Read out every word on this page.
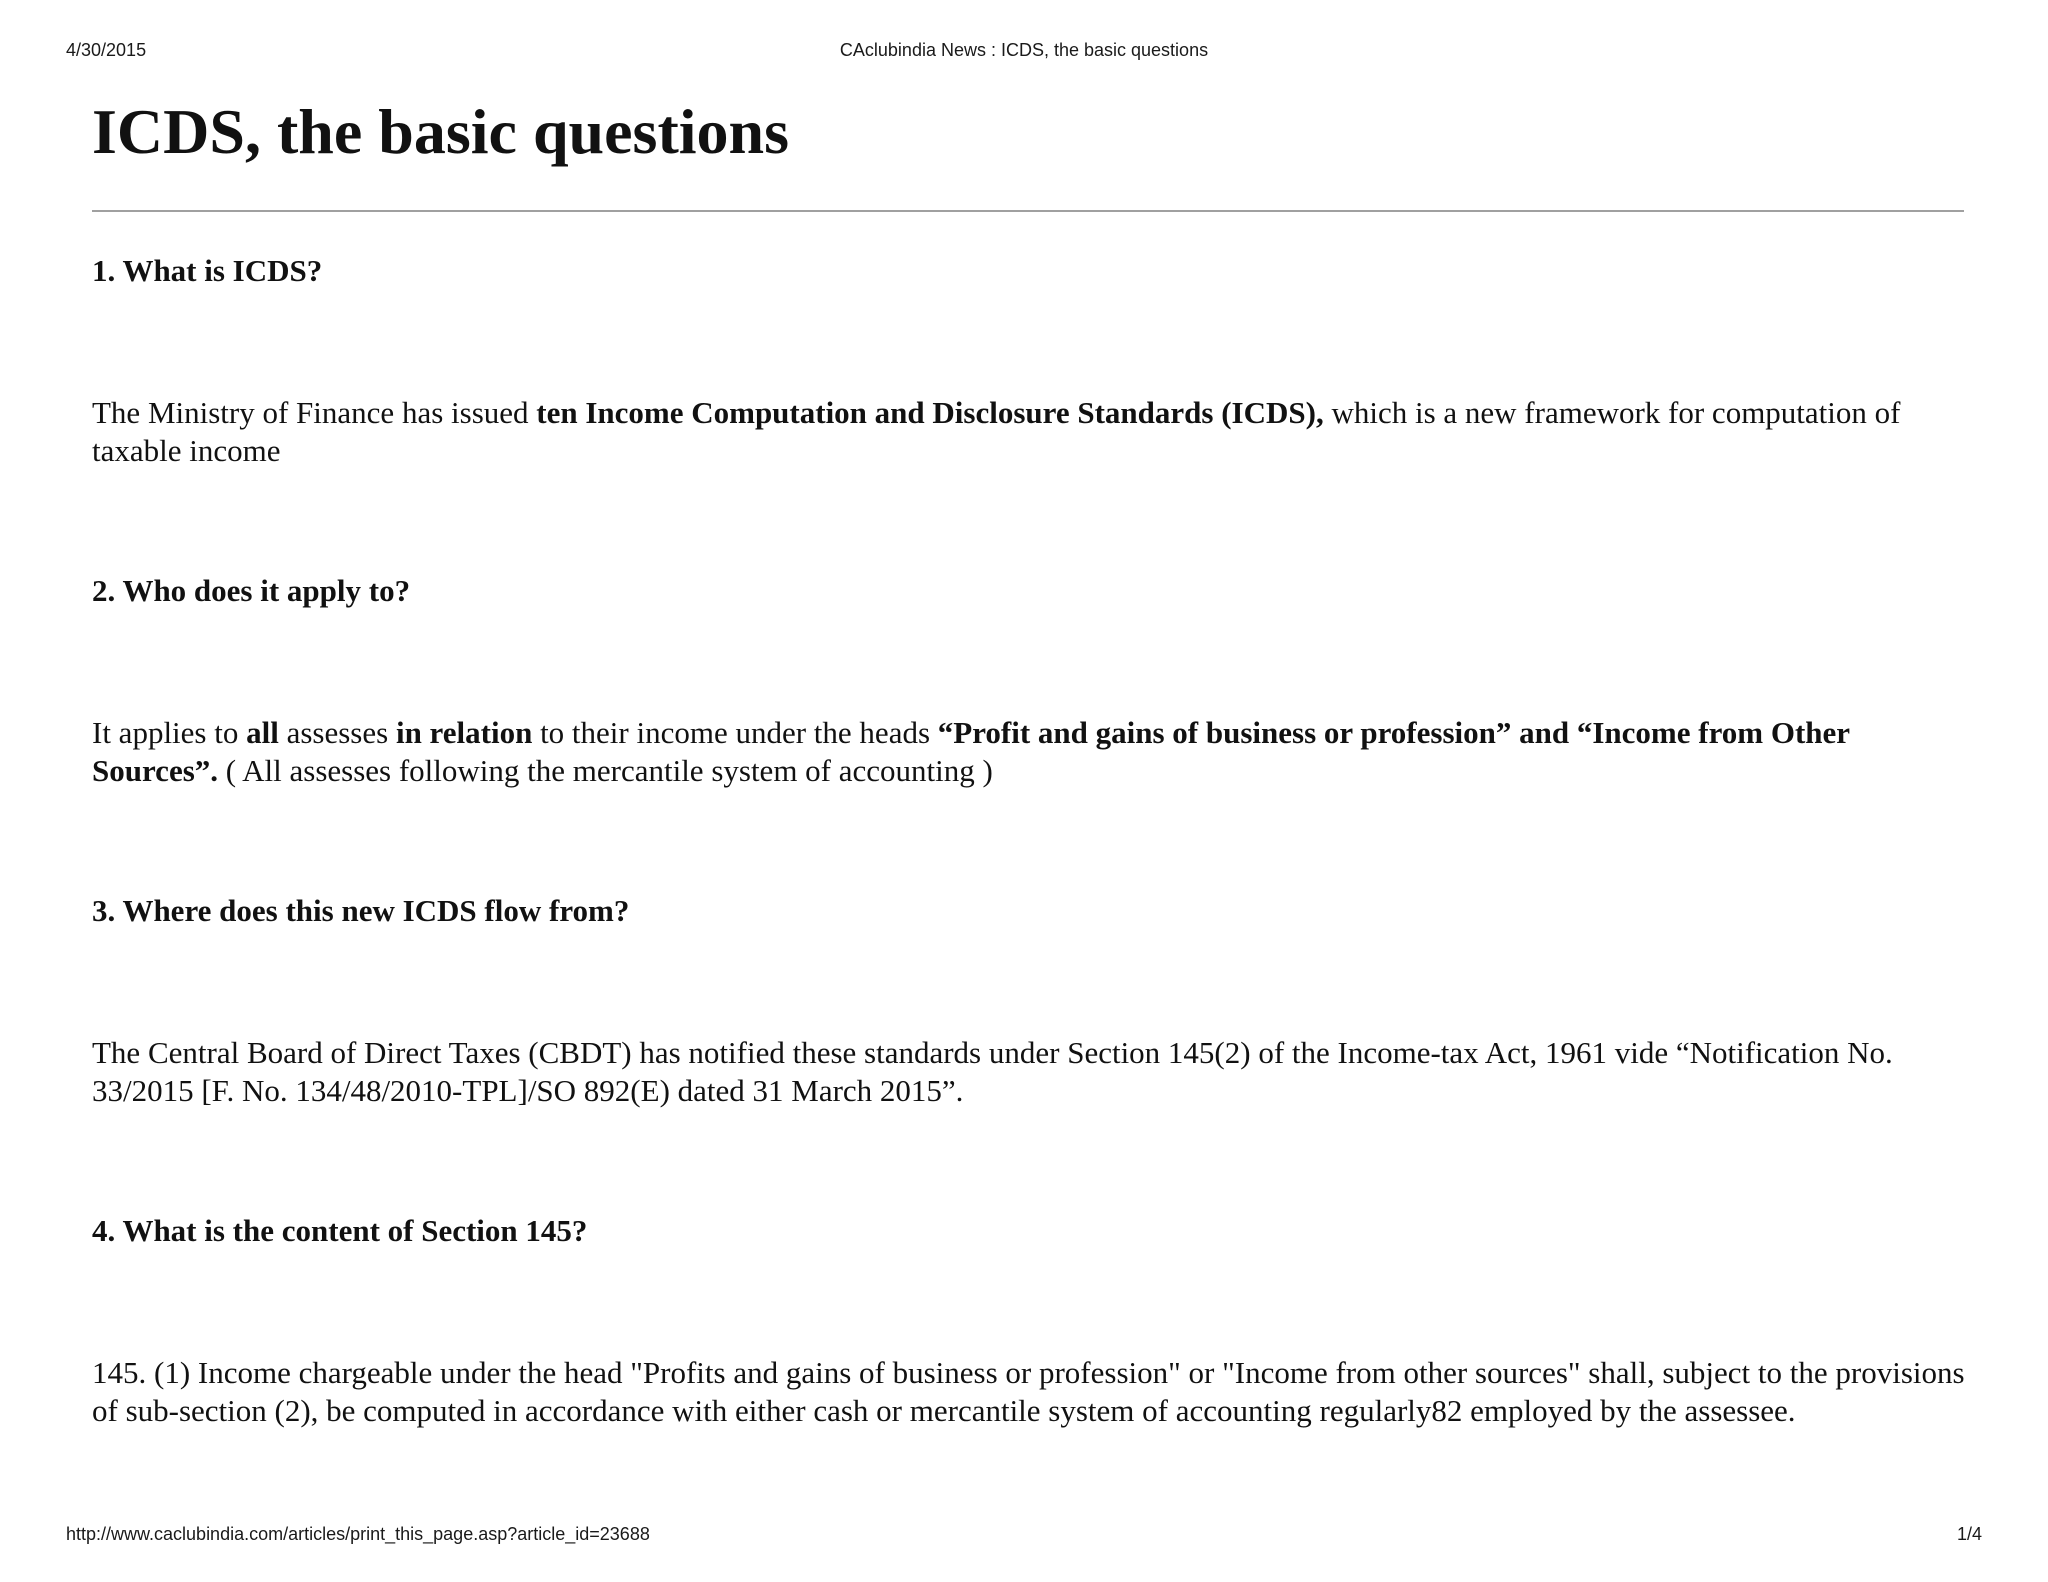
4/30/2015	CAclubindia News : ICDS, the basic questions
ICDS, the basic questions
1. What is ICDS?

The Ministry of Finance has issued ten Income Computation and Disclosure Standards (ICDS), which is a new framework for computation of taxable income

2. Who does it apply to?

It applies to all assesses in relation to their income under the heads “Profit and gains of business or profession” and “Income from Other Sources”. ( All assesses following the mercantile system of accounting )

3. Where does this new ICDS flow from?

The Central Board of Direct Taxes (CBDT) has notified these standards under Section 145(2) of the Income-tax Act, 1961 vide “Notification No. 33/2015 [F. No. 134/48/2010-TPL]/SO 892(E) dated 31 March 2015”.

4. What is the content of Section 145?

145. (1) Income chargeable under the head "Profits and gains of business or profession" or "Income from other sources" shall, subject to the provisions of sub-section (2), be computed in accordance with either cash or mercantile system of accounting regularly82 employed by the assessee.

http://www.caclubindia.com/articles/print_this_page.asp?article_id=23688	1/4
